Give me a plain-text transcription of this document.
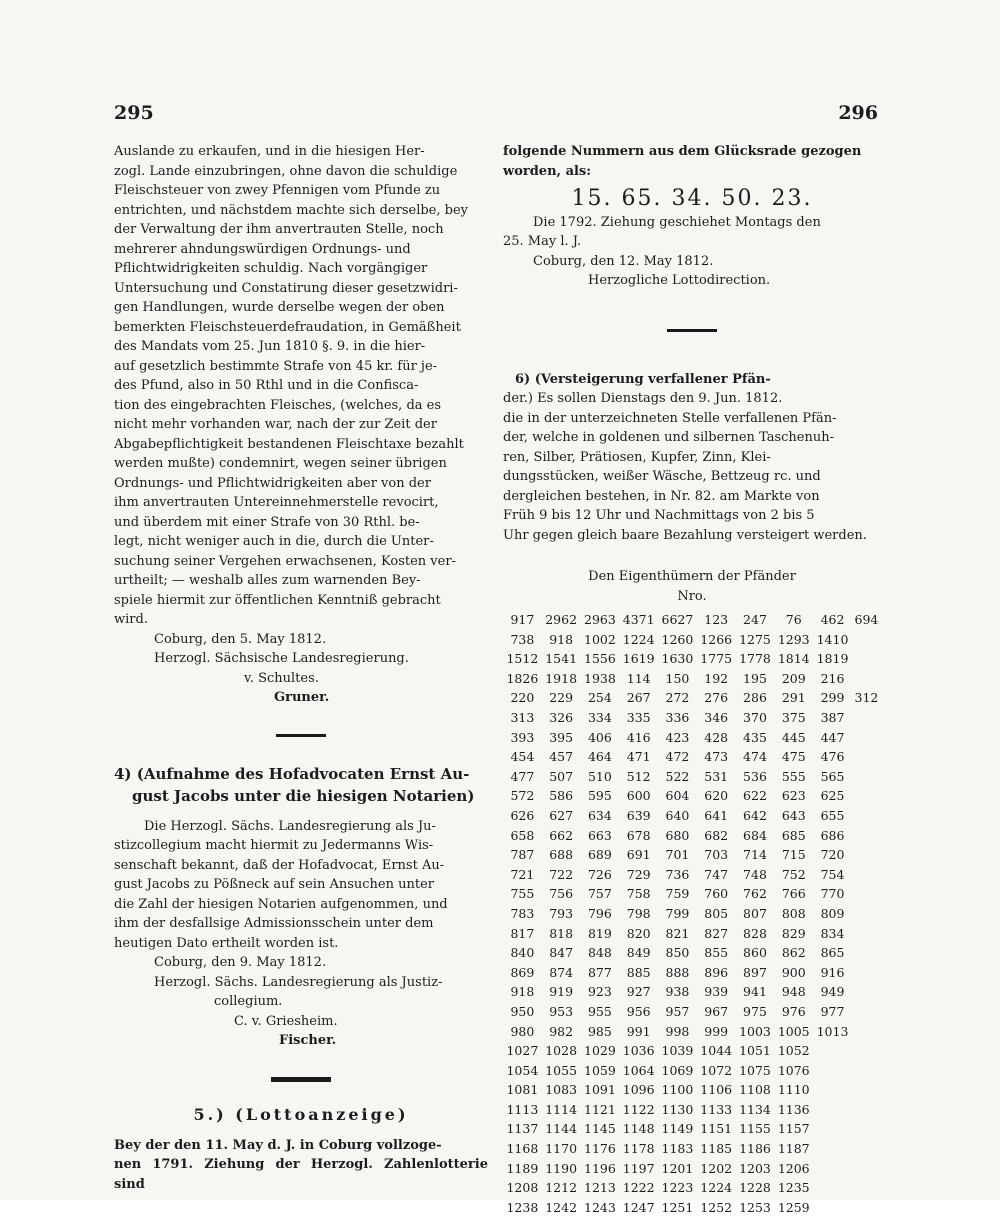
295	296

Auslande zu erkaufen, und in die hiesigen Her-
zogl. Lande einzubringen, ohne davon die schuldige
Fleischsteuer von zwey Pfennigen vom Pfunde zu
entrichten, und nächstdem machte sich derselbe, bey
der Verwaltung der ihm anvertrauten Stelle, noch
mehrerer ahndungswürdigen Ordnungs- und
Pflichtwidrigkeiten schuldig. Nach vorgängiger
Untersuchung und Constatirung dieser gesetzwidri-
gen Handlungen, wurde derselbe wegen der oben
bemerkten Fleischsteuerdefraudation, in Gemäßheit
des Mandats vom 25. Jun 1810 §. 9. in die hier-
auf gesetzlich bestimmte Strafe von 45 kr. für je-
des Pfund, also in 50 Rthl und in die Confisca-
tion des eingebrachten Fleisches, (welches, da es
nicht mehr vorhanden war, nach der zur Zeit der
Abgabepflichtigkeit bestandenen Fleischtaxe bezahlt
werden mußte) condemnirt, wegen seiner übrigen
Ordnungs- und Pflichtwidrigkeiten aber von der
ihm anvertrauten Untereinnehmerstelle revocirt,
und überdem mit einer Strafe von 30 Rthl. be-
legt, nicht weniger auch in die, durch die Unter-
suchung seiner Vergehen erwachsenen, Kosten ver-
urtheilt; — weshalb alles zum warnenden Bey-
spiele hiermit zur öffentlichen Kenntniß gebracht
wird.

Coburg, den 5. May 1812.
Herzogl. Sächsische Landesregierung.
v. Schultes.
Gruner.
4) (Aufnahme des Hofadvocaten Ernst Au-
gust Jacobs unter die hiesigen Notarien)

Die Herzogl. Sächs. Landesregierung als Ju-
stizcollegium macht hiermit zu Jedermanns Wis-
senschaft bekannt, daß der Hofadvocat, Ernst Au-
gust Jacobs zu Pößneck auf sein Ansuchen unter
die Zahl der hiesigen Notarien aufgenommen, und
ihm der desfallsige Admissionsschein unter dem
heutigen Dato ertheilt worden ist.

Coburg, den 9. May 1812.
Herzogl. Sächs. Landesregierung als Justiz-
collegium.
C. v. Griesheim.
Fischer.
5.) (Lottoanzeige)

Bey der den 11. May d. J. in Coburg vollzoge-
nen 1791. Ziehung der Herzogl. Zahlenlotterie sind

folgende Nummern aus dem Glücksrade gezogen
worden, als:

15. 65. 34. 50. 23.

Die 1792. Ziehung geschiehet Montags den
25. May l. J.

Coburg, den 12. May 1812.
Herzogliche Lottodirection.

6) (Versteigerung verfallener Pfän-
der.) Es sollen Dienstags den 9. Jun. 1812.
die in der unterzeichneten Stelle verfallenen Pfän-
der, welche in goldenen und silbernen Taschenuh-
ren, Silber, Prätiosen, Kupfer, Zinn, Klei-
dungsstücken, weißer Wäsche, Bettzeug rc. und
dergleichen bestehen, in Nr. 82. am Markte von
Früh 9 bis 12 Uhr und Nachmittags von 2 bis 5
Uhr gegen gleich baare Bezahlung versteigert werden.

Den Eigenthümern der Pfänder
Nro.
917	2962	2963	4371	6627	123	247	76	462	694
738	918	1002	1224	1260	1266	1275	1293	1410	
1512	1541	1556	1619	1630	1775	1778	1814	1819	
1826	1918	1938	114	150	192	195	209	216	
220	229	254	267	272	276	286	291	299	312
313	326	334	335	336	346	370	375	387	
393	395	406	416	423	428	435	445	447	
454	457	464	471	472	473	474	475	476	
477	507	510	512	522	531	536	555	565	
572	586	595	600	604	620	622	623	625	
626	627	634	639	640	641	642	643	655	
658	662	663	678	680	682	684	685	686	
787	688	689	691	701	703	714	715	720	
721	722	726	729	736	747	748	752	754	
755	756	757	758	759	760	762	766	770	
783	793	796	798	799	805	807	808	809	
817	818	819	820	821	827	828	829	834	
840	847	848	849	850	855	860	862	865	
869	874	877	885	888	896	897	900	916	
918	919	923	927	938	939	941	948	949	
950	953	955	956	957	967	975	976	977	
980	982	985	991	998	999	1003	1005	1013	
1027	1028	1029	1036	1039	1044	1051	1052		
1054	1055	1059	1064	1069	1072	1075	1076		
1081	1083	1091	1096	1100	1106	1108	1110		
1113	1114	1121	1122	1130	1133	1134	1136		
1137	1144	1145	1148	1149	1151	1155	1157		
1168	1170	1176	1178	1183	1185	1186	1187		
1189	1190	1196	1197	1201	1202	1203	1206		
1208	1212	1213	1222	1223	1224	1228	1235		
1238	1242	1243	1247	1251	1252	1253	1259		
